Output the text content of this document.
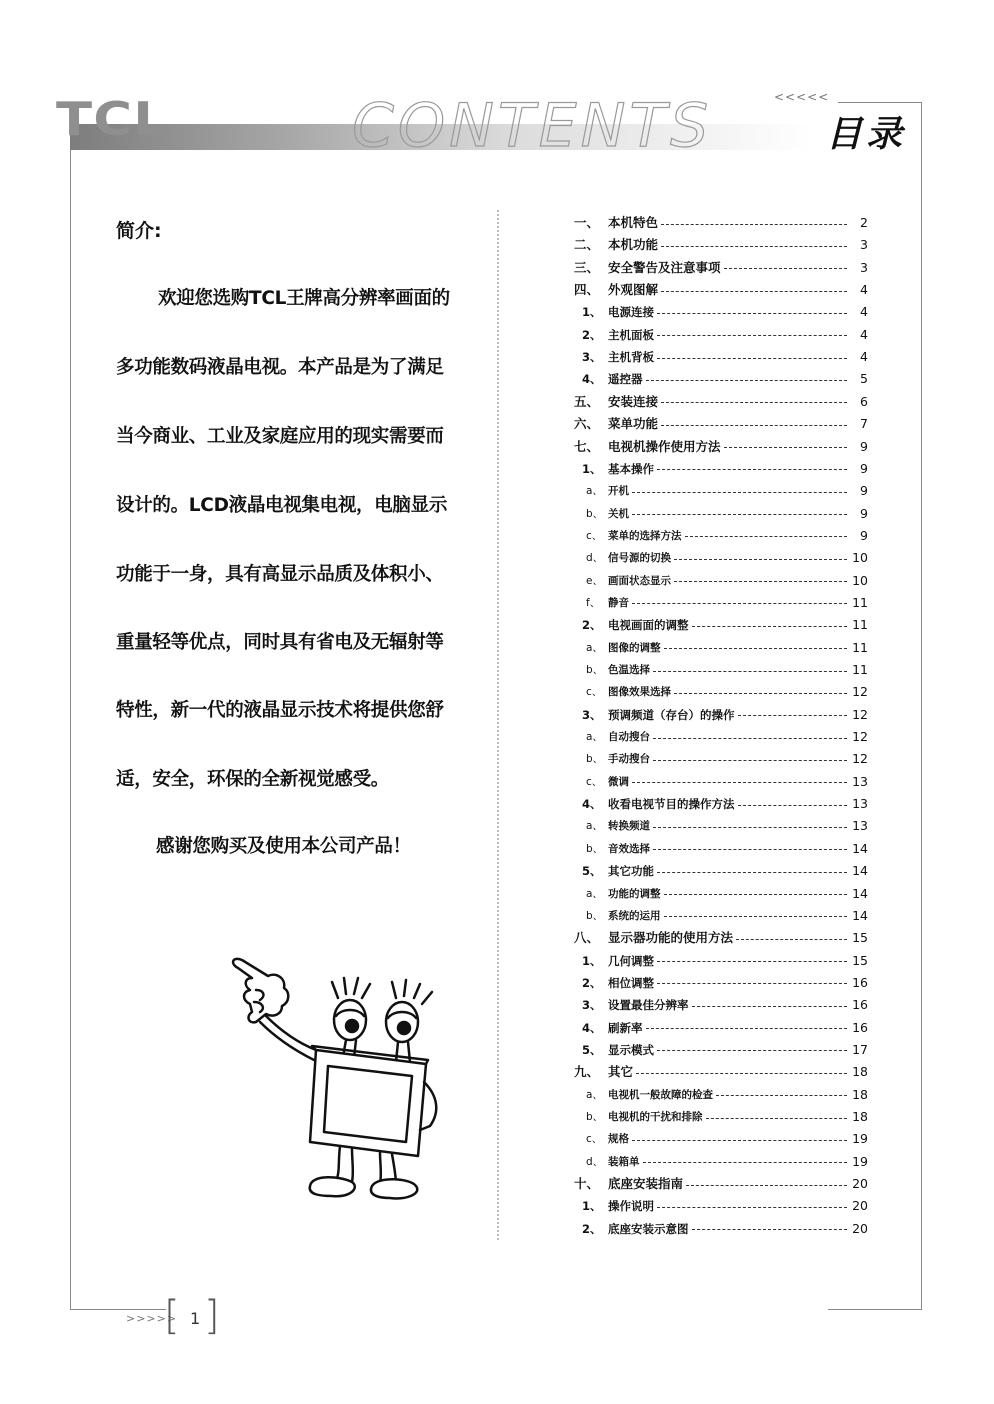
TCL	CONTENTS	<<<<<
目录
简介:
欢迎您选购TCL王牌高分辨率画面的
多功能数码液晶电视。本产品是为了满足
当今商业、工业及家庭应用的现实需要而
设计的。LCD液晶电视集电视，电脑显示
功能于一身，具有高显示品质及体积小、
重量轻等优点，同时具有省电及无辐射等
特性，新一代的液晶显示技术将提供您舒
适，安全，环保的全新视觉感受。
感谢您购买及使用本公司产品！
一、 本机特色	2
二、 本机功能	3
三、 安全警告及注意事项	3
四、 外观图解	4
1、 电源连接	4
2、 主机面板	4
3、 主机背板	4
4、 遥控器	5
五、 安装连接	6
六、 菜单功能	7
七、 电视机操作使用方法	9
1、 基本操作	9
a、 开机	9
b、 关机	9
c、 菜单的选择方法	9
d、 信号源的切换	10
e、 画面状态显示	10
f、 静音	11
2、 电视画面的调整	11
a、 图像的调整	11
b、 色温选择	11
c、 图像效果选择	12
3、 预调频道（存台）的操作	12
a、 自动搜台	12
b、 手动搜台	12
c、 微调	13
4、 收看电视节目的操作方法	13
a、 转换频道	13
b、 音效选择	14
5、 其它功能	14
a、 功能的调整	14
b、 系统的运用	14
八、 显示器功能的使用方法	15
1、 几何调整	15
2、 相位调整	16
3、 设置最佳分辨率	16
4、 刷新率	16
5、 显示模式	17
九、 其它	18
a、 电视机一般故障的检查	18
b、 电视机的干扰和排除	18
c、 规格	19
d、 装箱单	19
十、 底座安装指南	20
1、 操作说明	20
2、 底座安装示意图	20
>>>>>
[ 1 ]
